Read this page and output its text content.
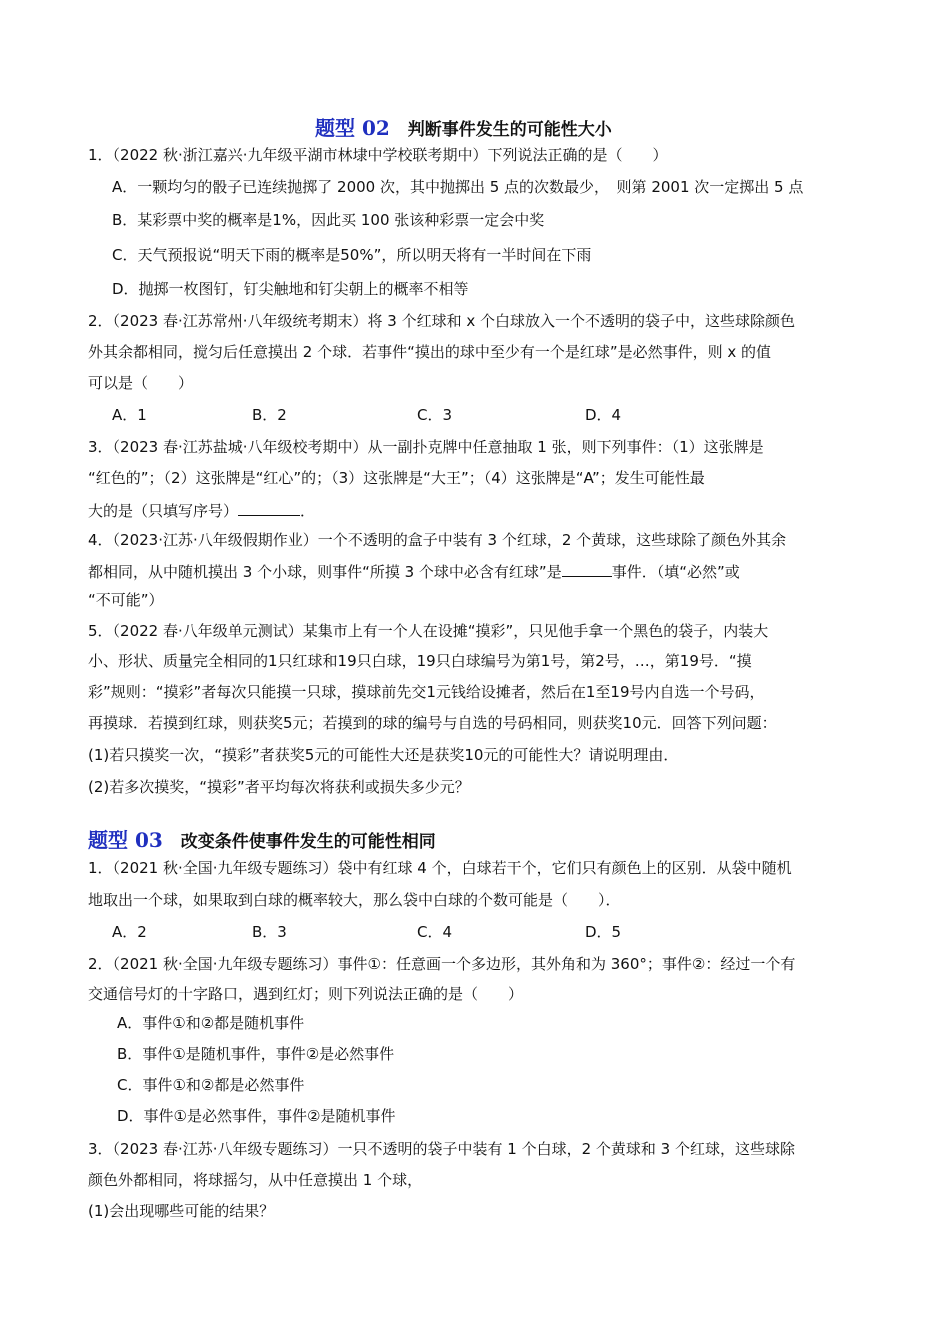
题型 02 判断事件发生的可能性大小
1．（2022 秋·浙江嘉兴·九年级平湖市林埭中学校联考期中）下列说法正确的是（　　）
A．一颗均匀的骰子已连续抛掷了 2000 次，其中抛掷出 5 点的次数最少，　则第 2001 次一定掷出 5 点
B．某彩票中奖的概率是1%，因此买 100 张该种彩票一定会中奖
C．天气预报说“明天下雨的概率是50%”，所以明天将有一半时间在下雨
D．抛掷一枚图钉，钉尖触地和钉尖朝上的概率不相等
2．（2023 春·江苏常州·八年级统考期末）将 3 个红球和 x 个白球放入一个不透明的袋子中，这些球除颜色
外其余都相同，搅匀后任意摸出 2 个球．若事件“摸出的球中至少有一个是红球”是必然事件，则 x 的值
可以是（　　）
A．1	B．2	C．3	D．4
3．（2023 春·江苏盐城·八年级校考期中）从一副扑克牌中任意抽取 1 张，则下列事件：（1）这张牌是
“红色的”；（2）这张牌是“红心”的；（3）这张牌是“大王”；（4）这张牌是“A”；发生可能性最
大的是（只填写序号）	．
4．（2023·江苏·八年级假期作业）一个不透明的盒子中装有 3 个红球，2 个黄球，这些球除了颜色外其余
都相同，从中随机摸出 3 个小球，则事件“所摸 3 个球中必含有红球”是	事件．（填“必然”或
“不可能”）
5．（2022 春·八年级单元测试）某集市上有一个人在设摊“摸彩”，只见他手拿一个黑色的袋子，内装大
小、形状、质量完全相同的1只红球和19只白球，19只白球编号为第1号，第2号，…，第19号．“摸
彩”规则：“摸彩”者每次只能摸一只球，摸球前先交1元钱给设摊者，然后在1至19号内自选一个号码，
再摸球．若摸到红球，则获奖5元；若摸到的球的编号与自选的号码相同，则获奖10元．回答下列问题：
(1)若只摸奖一次，“摸彩”者获奖5元的可能性大还是获奖10元的可能性大？请说明理由．
(2)若多次摸奖，“摸彩”者平均每次将获利或损失多少元？
题型 03 改变条件使事件发生的可能性相同
1．（2021 秋·全国·九年级专题练习）袋中有红球 4 个，白球若干个，它们只有颜色上的区别．从袋中随机
地取出一个球，如果取到白球的概率较大，那么袋中白球的个数可能是（　　）．
A．2	B．3	C．4	D．5
2．（2021 秋·全国·九年级专题练习）事件①：任意画一个多边形，其外角和为 360°；事件②：经过一个有
交通信号灯的十字路口，遇到红灯；则下列说法正确的是（　　）
A．事件①和②都是随机事件
B．事件①是随机事件，事件②是必然事件
C．事件①和②都是必然事件
D．事件①是必然事件，事件②是随机事件
3．（2023 春·江苏·八年级专题练习）一只不透明的袋子中装有 1 个白球，2 个黄球和 3 个红球，这些球除
颜色外都相同，将球摇匀，从中任意摸出 1 个球，
(1)会出现哪些可能的结果？
